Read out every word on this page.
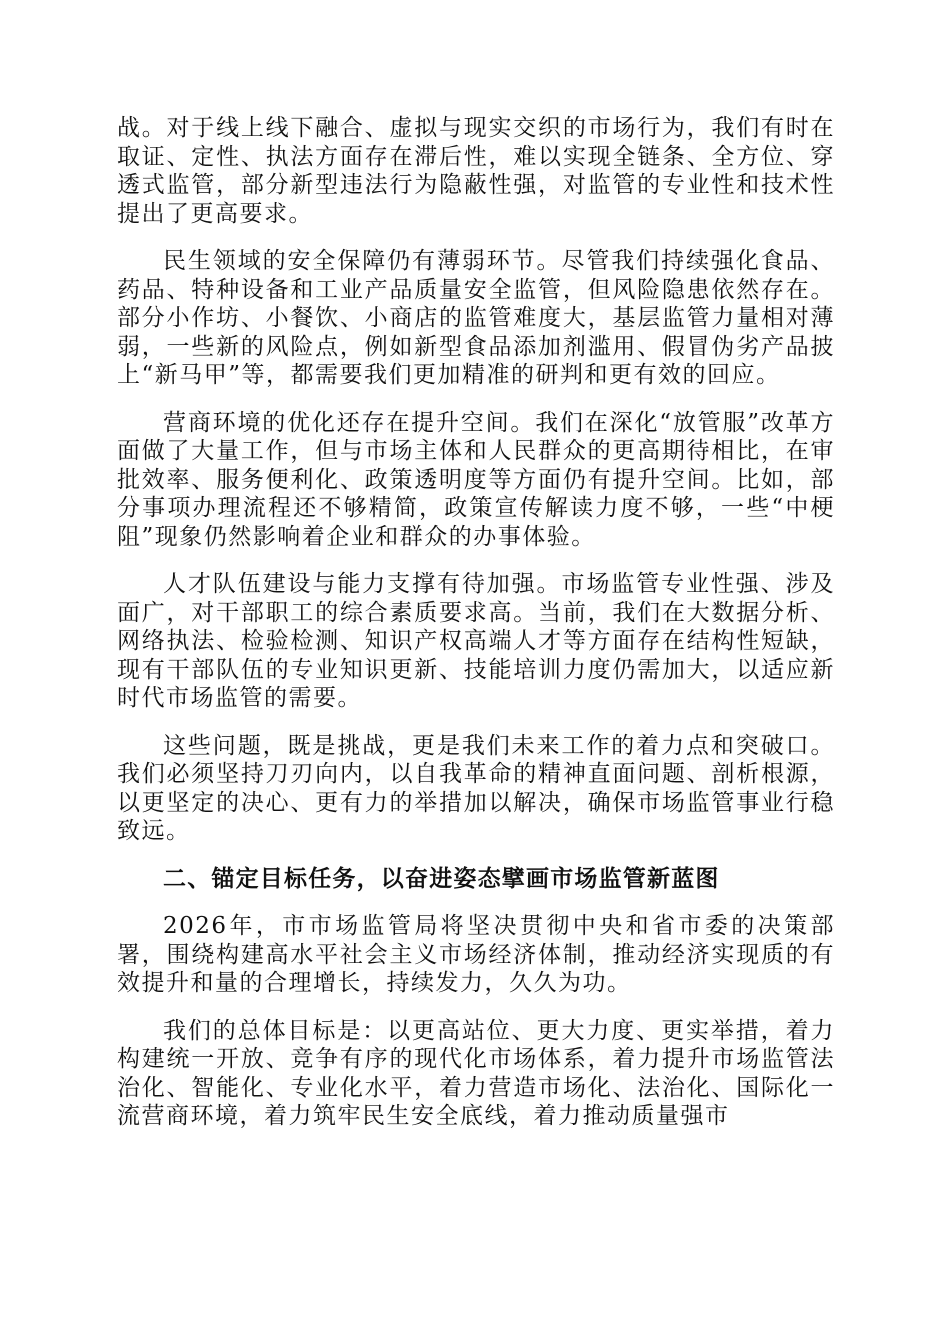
战。对于线上线下融合、虚拟与现实交织的市场行为，我们有时在取证、定性、执法方面存在滞后性，难以实现全链条、全方位、穿透式监管，部分新型违法行为隐蔽性强，对监管的专业性和技术性提出了更高要求。

民生领域的安全保障仍有薄弱环节。尽管我们持续强化食品、药品、特种设备和工业产品质量安全监管，但风险隐患依然存在。部分小作坊、小餐饮、小商店的监管难度大，基层监管力量相对薄弱，一些新的风险点，例如新型食品添加剂滥用、假冒伪劣产品披上“新马甲”等，都需要我们更加精准的研判和更有效的回应。

营商环境的优化还存在提升空间。我们在深化“放管服”改革方面做了大量工作，但与市场主体和人民群众的更高期待相比，在审批效率、服务便利化、政策透明度等方面仍有提升空间。比如，部分事项办理流程还不够精简，政策宣传解读力度不够，一些“中梗阻”现象仍然影响着企业和群众的办事体验。

人才队伍建设与能力支撑有待加强。市场监管专业性强、涉及面广，对干部职工的综合素质要求高。当前，我们在大数据分析、网络执法、检验检测、知识产权高端人才等方面存在结构性短缺，现有干部队伍的专业知识更新、技能培训力度仍需加大，以适应新时代市场监管的需要。

这些问题，既是挑战，更是我们未来工作的着力点和突破口。我们必须坚持刀刃向内，以自我革命的精神直面问题、剖析根源，以更坚定的决心、更有力的举措加以解决，确保市场监管事业行稳致远。

二、锚定目标任务，以奋进姿态擘画市场监管新蓝图

2026年，市市场监管局将坚决贯彻中央和省市委的决策部署，围绕构建高水平社会主义市场经济体制，推动经济实现质的有效提升和量的合理增长，持续发力，久久为功。

我们的总体目标是：以更高站位、更大力度、更实举措，着力构建统一开放、竞争有序的现代化市场体系，着力提升市场监管法治化、智能化、专业化水平，着力营造市场化、法治化、国际化一流营商环境，着力筑牢民生安全底线，着力推动质量强市
